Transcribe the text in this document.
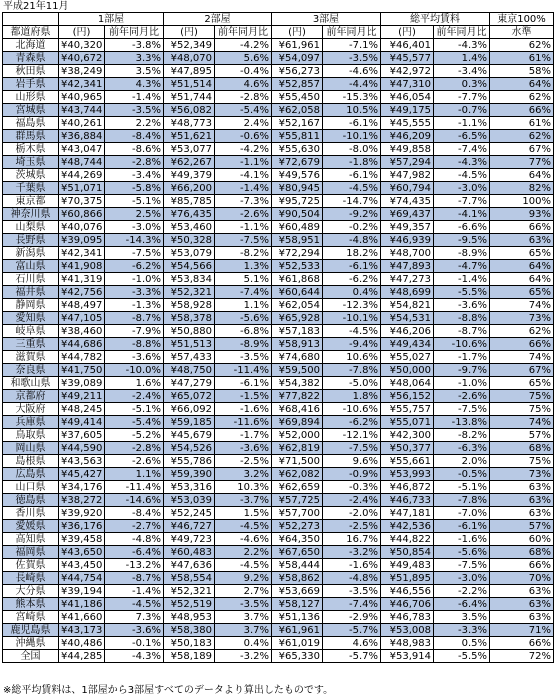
平成21年11月
	1部屋		2部屋		3部屋		総平均賃料		東京100%
都道府県	(円)	前年同月比	(円)	前年同月比	(円)	前年同月比	(円)	前年同月比	水準
北海道	¥40,320	-3.8%	¥52,349	-4.2%	¥61,961	-7.1%	¥46,401	-4.3%	62%
青森県	¥40,672	3.3%	¥48,070	5.6%	¥54,097	-3.5%	¥45,577	1.4%	61%
秋田県	¥38,249	3.5%	¥47,895	-0.4%	¥56,273	-4.6%	¥42,972	-3.4%	58%
岩手県	¥42,341	4.3%	¥51,514	4.6%	¥52,857	-4.4%	¥47,310	0.3%	64%
山形県	¥40,965	-1.4%	¥51,744	-2.8%	¥55,450	-15.3%	¥46,054	-7.7%	62%
宮城県	¥43,744	-3.5%	¥56,082	-5.4%	¥62,058	10.5%	¥49,175	-0.7%	66%
福島県	¥40,261	2.2%	¥48,773	2.4%	¥52,167	-6.1%	¥45,555	-1.1%	61%
群馬県	¥36,884	-8.4%	¥51,621	-0.6%	¥55,811	-10.1%	¥46,209	-6.5%	62%
栃木県	¥43,047	-8.6%	¥53,077	-4.2%	¥55,630	-8.0%	¥49,858	-7.4%	67%
埼玉県	¥48,744	-2.8%	¥62,267	-1.1%	¥72,679	-1.8%	¥57,294	-4.3%	77%
茨城県	¥44,269	-3.4%	¥49,379	-4.1%	¥49,576	-6.1%	¥47,982	-4.5%	64%
千葉県	¥51,071	-5.8%	¥66,200	-1.4%	¥80,945	-4.5%	¥60,794	-3.0%	82%
東京都	¥70,375	-5.1%	¥85,785	-7.3%	¥95,725	-14.7%	¥74,435	-7.7%	100%
神奈川県	¥60,866	2.5%	¥76,435	-2.6%	¥90,504	-9.2%	¥69,437	-4.1%	93%
山梨県	¥40,076	-3.0%	¥53,460	-1.1%	¥60,489	-0.2%	¥49,357	-6.6%	66%
長野県	¥39,095	-14.3%	¥50,328	-7.5%	¥58,951	-4.8%	¥46,939	-9.5%	63%
新潟県	¥42,341	-7.5%	¥53,079	-8.2%	¥72,294	18.2%	¥48,700	-8.9%	65%
富山県	¥41,908	-6.2%	¥54,566	1.3%	¥52,533	-6.1%	¥47,893	-4.7%	64%
石川県	¥41,319	-1.0%	¥53,834	5.1%	¥61,868	-6.2%	¥47,273	-1.4%	64%
福井県	¥42,756	-3.3%	¥52,321	-7.4%	¥60,644	0.4%	¥48,699	-5.5%	65%
静岡県	¥48,497	-1.3%	¥58,928	1.1%	¥62,054	-12.3%	¥54,821	-3.6%	74%
愛知県	¥47,105	-8.7%	¥58,378	-5.6%	¥65,928	-10.1%	¥54,531	-8.8%	73%
岐阜県	¥38,460	-7.9%	¥50,880	-6.8%	¥57,183	-4.5%	¥46,206	-8.7%	62%
三重県	¥44,686	-8.8%	¥51,513	-8.9%	¥58,913	-9.4%	¥49,434	-10.6%	66%
滋賀県	¥44,782	-3.6%	¥57,433	-3.5%	¥74,680	10.6%	¥55,027	-1.7%	74%
奈良県	¥41,750	-10.0%	¥48,750	-11.4%	¥59,500	-7.8%	¥50,000	-9.7%	67%
和歌山県	¥39,089	1.6%	¥47,279	-6.1%	¥54,382	-5.0%	¥48,064	-1.0%	65%
京都府	¥49,211	-2.4%	¥65,072	-1.5%	¥77,822	1.8%	¥56,152	-2.6%	75%
大阪府	¥48,245	-5.1%	¥66,092	-1.6%	¥68,416	-10.6%	¥55,757	-7.5%	75%
兵庫県	¥49,414	-5.4%	¥59,185	-11.6%	¥69,894	-6.2%	¥55,071	-13.8%	74%
鳥取県	¥37,605	-5.2%	¥45,679	-1.7%	¥52,000	-12.1%	¥42,300	-8.2%	57%
岡山県	¥44,590	-2.8%	¥54,526	-3.6%	¥62,819	-7.5%	¥50,377	-6.3%	68%
島根県	¥43,563	-2.6%	¥55,786	-2.5%	¥71,500	9.6%	¥55,661	2.0%	75%
広島県	¥45,427	1.1%	¥59,390	3.2%	¥62,082	-0.9%	¥53,993	-0.5%	73%
山口県	¥34,176	-11.4%	¥53,316	10.3%	¥62,659	-0.3%	¥46,872	-5.1%	63%
徳島県	¥38,272	-14.6%	¥53,039	-3.7%	¥57,725	-2.4%	¥46,733	-7.8%	63%
香川県	¥39,920	-8.4%	¥52,245	1.5%	¥57,700	-2.0%	¥47,181	-7.0%	63%
愛媛県	¥36,176	-2.7%	¥46,727	-4.5%	¥52,273	-2.5%	¥42,536	-6.1%	57%
高知県	¥39,458	-4.8%	¥49,723	-4.6%	¥64,350	16.7%	¥44,822	-1.6%	60%
福岡県	¥43,650	-6.4%	¥60,483	2.2%	¥67,650	-3.2%	¥50,854	-5.6%	68%
佐賀県	¥43,450	-13.2%	¥47,636	-4.5%	¥58,444	-1.6%	¥49,483	-7.5%	66%
長崎県	¥44,754	-8.7%	¥58,554	9.2%	¥58,862	-4.8%	¥51,895	-3.0%	70%
大分県	¥39,194	-1.4%	¥52,321	2.7%	¥53,669	-3.5%	¥46,556	-2.2%	63%
熊本県	¥41,186	-4.5%	¥52,519	-3.5%	¥58,127	-7.4%	¥46,706	-6.4%	63%
宮崎県	¥41,660	7.3%	¥48,953	3.7%	¥51,136	-2.9%	¥46,783	3.5%	63%
鹿児島県	¥43,173	-3.6%	¥58,380	3.7%	¥61,961	-5.7%	¥53,008	-3.3%	71%
沖縄県	¥40,486	-0.1%	¥50,183	0.4%	¥61,019	4.6%	¥48,983	0.5%	66%
全国	¥44,285	-4.3%	¥58,189	-3.2%	¥65,330	-5.7%	¥53,914	-5.5%	72%
※総平均賃料は、1部屋から3部屋すべてのデータより算出したものです。
